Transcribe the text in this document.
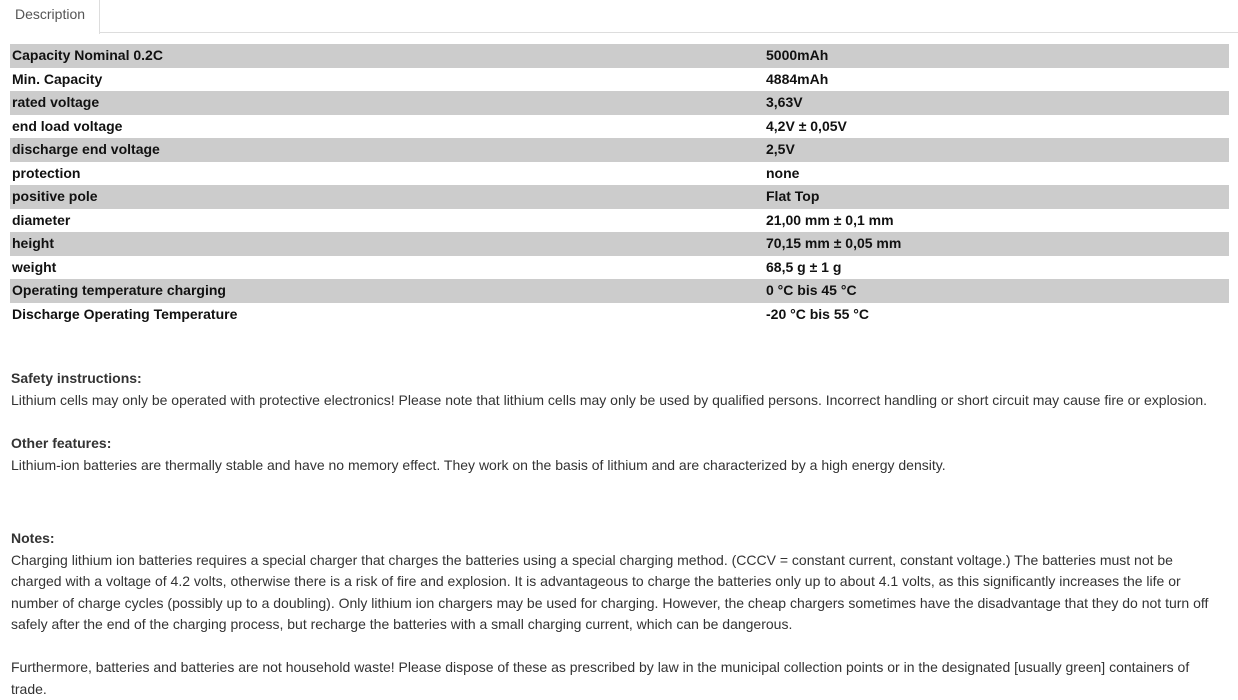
Description
Capacity Nominal 0.2C	5000mAh
Min. Capacity	4884mAh
rated voltage	3,63V
end load voltage	4,2V ± 0,05V
discharge end voltage	2,5V
protection	none
positive pole	Flat Top
diameter	21,00 mm ± 0,1 mm
height	70,15 mm ± 0,05 mm
weight	68,5 g ± 1 g
Operating temperature charging	0 °C bis 45 °C
Discharge Operating Temperature	-20 °C bis 55 °C
Safety instructions:
Lithium cells may only be operated with protective electronics! Please note that lithium cells may only be used by qualified persons. Incorrect handling or short circuit may cause fire or explosion.
Other features:
Lithium-ion batteries are thermally stable and have no memory effect. They work on the basis of lithium and are characterized by a high energy density.
Notes:
Charging lithium ion batteries requires a special charger that charges the batteries using a special charging method. (CCCV = constant current, constant voltage.) The batteries must not be charged with a voltage of 4.2 volts, otherwise there is a risk of fire and explosion. It is advantageous to charge the batteries only up to about 4.1 volts, as this significantly increases the life or number of charge cycles (possibly up to a doubling). Only lithium ion chargers may be used for charging. However, the cheap chargers sometimes have the disadvantage that they do not turn off safely after the end of the charging process, but recharge the batteries with a small charging current, which can be dangerous.
Furthermore, batteries and batteries are not household waste! Please dispose of these as prescribed by law in the municipal collection points or in the designated [usually green] containers of trade.
